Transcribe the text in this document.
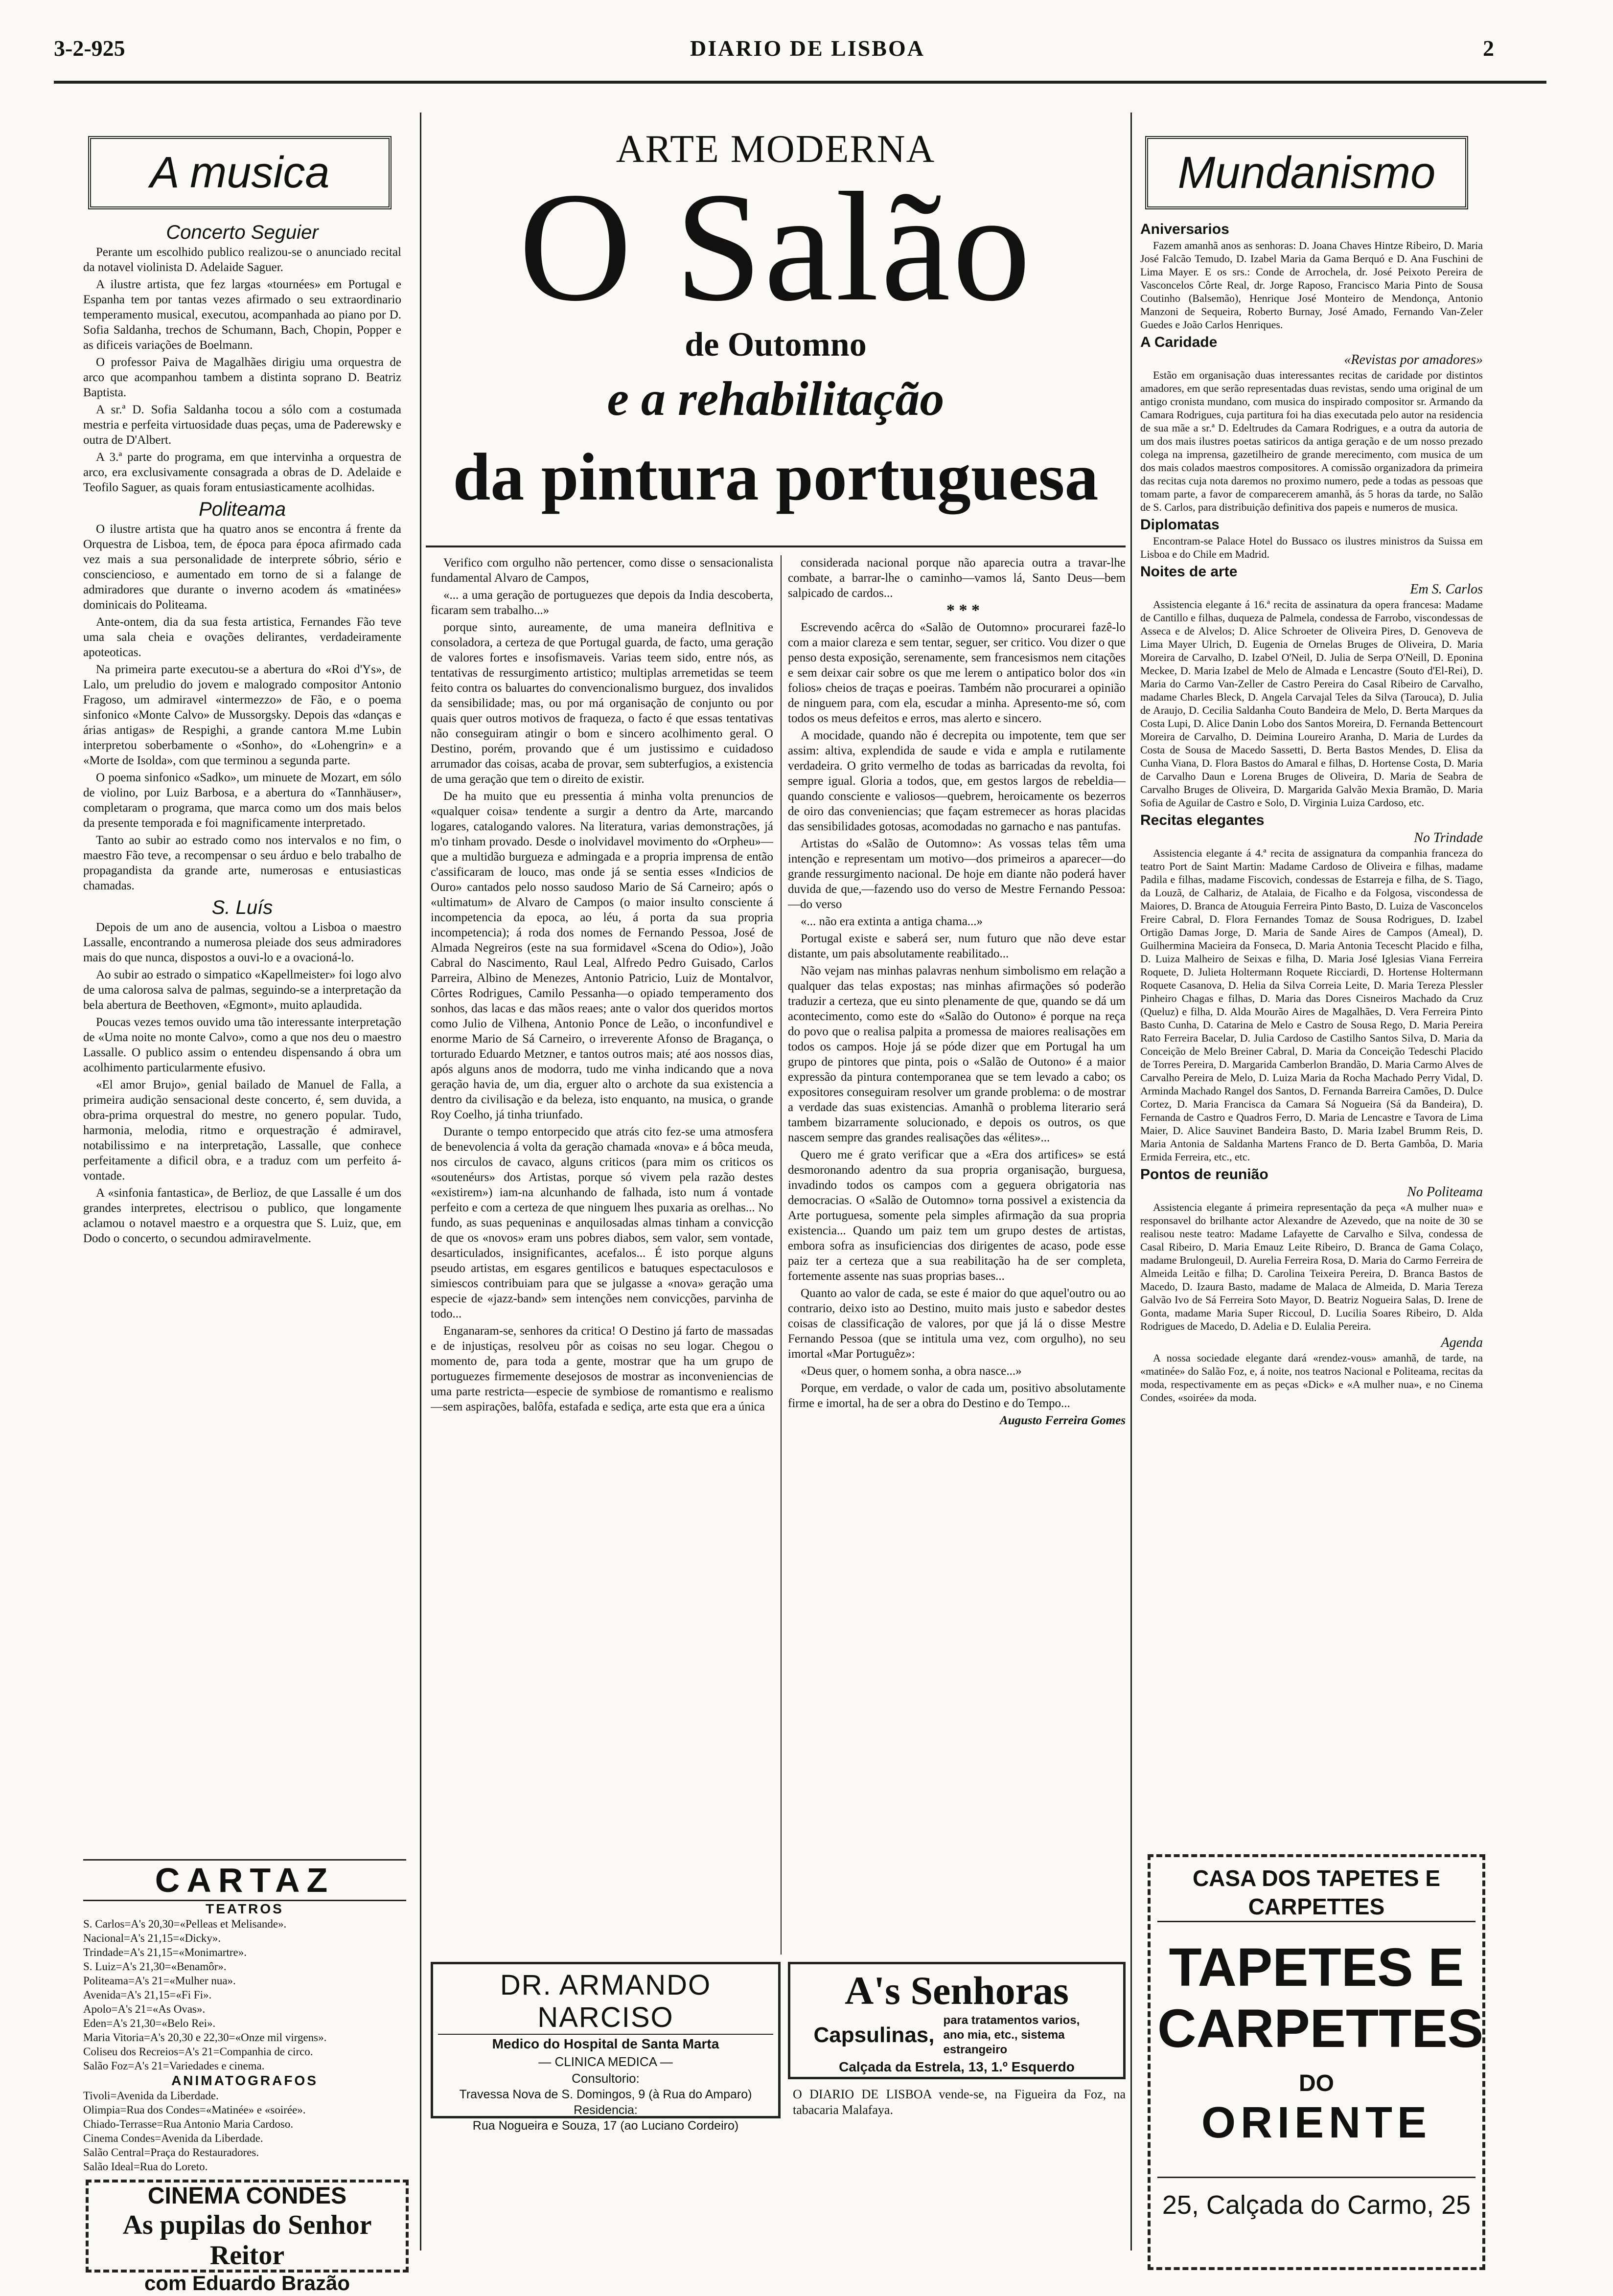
3-2-925	DIARIO DE LISBOA	2
A musica
Concerto Seguier

Perante um escolhido publico realizou-se o anunciado recital da notavel violinista D. Adelaide Saguer.

A ilustre artista, que fez largas «tournées» em Portugal e Espanha tem por tantas vezes afirmado o seu extraordinario temperamento musical, executou, acompanhada ao piano por D. Sofia Saldanha, trechos de Schumann, Bach, Chopin, Popper e as dificeis variações de Boelmann.

O professor Paiva de Magalhães dirigiu uma orquestra de arco que acompanhou tambem a distinta soprano D. Beatriz Baptista.

A sr.ª D. Sofia Saldanha tocou a sólo com a costumada mestria e perfeita virtuosidade duas peças, uma de Paderewsky e outra de D'Albert.

A 3.ª parte do programa, em que intervinha a orquestra de arco, era exclusivamente consagrada a obras de D. Adelaide e Teofilo Saguer, as quais foram entusiasticamente acolhidas.

Politeama

O ilustre artista que ha quatro anos se encontra á frente da Orquestra de Lisboa, tem, de época para época afirmado cada vez mais a sua personalidade de interprete sóbrio, sério e consciencioso, e aumentado em torno de si a falange de admiradores que durante o inverno acodem ás «matinées» dominicais do Politeama.

Ante-ontem, dia da sua festa artistica, Fernandes Fão teve uma sala cheia e ovações delirantes, verdadeiramente apoteoticas.

Na primeira parte executou-se a abertura do «Roi d'Ys», de Lalo, um preludio do jovem e malogrado compositor Antonio Fragoso, um admiravel «intermezzo» de Fão, e o poema sinfonico «Monte Calvo» de Mussorgsky. Depois das «danças e árias antigas» de Respighi, a grande cantora M.me Lubin interpretou soberbamente o «Sonho», do «Lohengrin» e a «Morte de Isolda», com que terminou a segunda parte.

O poema sinfonico «Sadko», um minuete de Mozart, em sólo de violino, por Luiz Barbosa, e a abertura do «Tannhäuser», completaram o programa, que marca como um dos mais belos da presente temporada e foi magnificamente interpretado.

Tanto ao subir ao estrado como nos intervalos e no fim, o maestro Fão teve, a recompensar o seu árduo e belo trabalho de propagandista da grande arte, numerosas e entusiasticas chamadas.

S. Luís

Depois de um ano de ausencia, voltou a Lisboa o maestro Lassalle, encontrando a numerosa pleiade dos seus admiradores mais do que nunca, dispostos a ouvi-lo e a ovacioná-lo.

Ao subir ao estrado o simpatico «Kapellmeister» foi logo alvo de uma calorosa salva de palmas, seguindo-se a interpretação da bela abertura de Beethoven, «Egmont», muito aplaudida.

Poucas vezes temos ouvido uma tão interessante interpretação de «Uma noite no monte Calvo», como a que nos deu o maestro Lassalle. O publico assim o entendeu dispensando á obra um acolhimento particularmente efusivo.

«El amor Brujo», genial bailado de Manuel de Falla, a primeira audição sensacional deste concerto, é, sem duvida, a obra-prima orquestral do mestre, no genero popular. Tudo, harmonia, melodia, ritmo e orquestração é admiravel, notabilissimo e na interpretação, Lassalle, que conhece perfeitamente a dificil obra, e a traduz com um perfeito á-vontade.

A «sinfonia fantastica», de Berlioz, de que Lassalle é um dos grandes interpretes, electrisou o publico, que longamente aclamou o notavel maestro e a orquestra que S. Luiz, que, em Dodo o concerto, o secundou admiravelmente.

CARTAZ
TEATROS
S. Carlos=A's 20,30=«Pelleas et Melisande».
Nacional=A's 21,15=«Dicky».
Trindade=A's 21,15=«Monimartre».
S. Luiz=A's 21,30=«Benamôr».
Politeama=A's 21=«Mulher nua».
Avenida=A's 21,15=«Fi Fi».
Apolo=A's 21=«As Ovas».
Eden=A's 21,30=«Belo Rei».
Maria Vitoria=A's 20,30 e 22,30=«Onze mil virgens».
Coliseu dos Recreios=A's 21=Companhia de circo.
Salão Foz=A's 21=Variedades e cinema.
ANIMATOGRAFOS
Tivoli=Avenida da Liberdade.
Olimpia=Rua dos Condes=«Matinée» e «soirée».
Chiado-Terrasse=Rua Antonio Maria Cardoso.
Cinema Condes=Avenida da Liberdade.
Salão Central=Praça do Restauradores.
Salão Ideal=Rua do Loreto.
CINEMA CONDES
As pupilas do Senhor Reitor
com Eduardo Brazão
ARTE MODERNA
O Salão
de Outomno
e a rehabilitação
da pintura portuguesa

Verifico com orgulho não pertencer, como disse o sensacionalista fundamental Alvaro de Campos,

«... a uma geração de portuguezes que depois da India descoberta, ficaram sem trabalho...»

porque sinto, aureamente, de uma maneira deflnitiva e consoladora, a certeza de que Portugal guarda, de facto, uma geração de valores fortes e insofismaveis. Varias teem sido, entre nós, as tentativas de ressurgimento artistico; multiplas arremetidas se teem feito contra os baluartes do convencionalismo burguez, dos invalidos da sensibilidade; mas, ou por má organisação de conjunto ou por quais quer outros motivos de fraqueza, o facto é que essas tentativas não conseguiram atingir o bom e sincero acolhimento geral. O Destino, porém, provando que é um justissimo e cuidadoso arrumador das coisas, acaba de provar, sem subterfugios, a existencia de uma geração que tem o direito de existir.

De ha muito que eu pressentia á minha volta prenuncios de «qualquer coisa» tendente a surgir a dentro da Arte, marcando logares, catalogando valores. Na literatura, varias demonstrações, já m'o tinham provado. Desde o inolvidavel movimento do «Orpheu»—que a multidão burgueza e admingada e a propria imprensa de então c'assificaram de louco, mas onde já se sentia esses «Indicios de Ouro» cantados pelo nosso saudoso Mario de Sá Carneiro; após o «ultimatum» de Alvaro de Campos (o maior insulto consciente á incompetencia da epoca, ao léu, á porta da sua propria incompetencia); á roda dos nomes de Fernando Pessoa, José de Almada Negreiros (este na sua formidavel «Scena do Odio»), João Cabral do Nascimento, Raul Leal, Alfredo Pedro Guisado, Carlos Parreira, Albino de Menezes, Antonio Patricio, Luiz de Montalvor, Côrtes Rodrigues, Camilo Pessanha—o opiado temperamento dos sonhos, das lacas e das mãos reaes; ante o valor dos queridos mortos como Julio de Vilhena, Antonio Ponce de Leão, o inconfundivel e enorme Mario de Sá Carneiro, o irreverente Afonso de Bragança, o torturado Eduardo Metzner, e tantos outros mais; até aos nossos dias, após alguns anos de modorra, tudo me vinha indicando que a nova geração havia de, um dia, erguer alto o archote da sua existencia a dentro da civilisação e da beleza, isto enquanto, na musica, o grande Roy Coelho, já tinha triunfado.

Durante o tempo entorpecido que atrás cito fez-se uma atmosfera de benevolencia á volta da geração chamada «nova» e á bôca meuda, nos circulos de cavaco, alguns criticos (para mim os criticos os «soutenéurs» dos Artistas, porque só vivem pela razão destes «existirem») iam-na alcunhando de falhada, isto num á vontade perfeito e com a certeza de que ninguem lhes puxaria as orelhas... No fundo, as suas pequeninas e anquilosadas almas tinham a convicção de que os «novos» eram uns pobres diabos, sem valor, sem vontade, desarticulados, insignificantes, acefalos... É isto porque alguns pseudo artistas, em esgares gentilicos e batuques espectaculosos e simiescos contribuiam para que se julgasse a «nova» geração uma especie de «jazz-band» sem intenções nem convicções, parvinha de todo...

Enganaram-se, senhores da critica! O Destino já farto de massadas e de injustiças, resolveu pôr as coisas no seu logar. Chegou o momento de, para toda a gente, mostrar que ha um grupo de portuguezes firmemente desejosos de mostrar as inconveniencias de uma parte restricta—especie de symbiose de romantismo e realismo—sem aspirações, balôfa, estafada e sediça, arte esta que era a única

considerada nacional porque não aparecia outra a travar-lhe combate, a barrar-lhe o caminho—vamos lá, Santo Deus—bem salpicado de cardos...

* * *

Escrevendo acêrca do «Salão de Outomno» procurarei fazê-lo com a maior clareza e sem tentar, seguer, ser critico. Vou dizer o que penso desta exposição, serenamente, sem francesismos nem citações e sem deixar cair sobre os que me lerem o antipatico bolor dos «in folios» cheios de traças e poeiras. Também não procurarei a opinião de ninguem para, com ela, escudar a minha. Apresento-me só, com todos os meus defeitos e erros, mas alerto e sincero.

A mocidade, quando não é decrepita ou impotente, tem que ser assim: altiva, explendida de saude e vida e ampla e rutilamente verdadeira. O grito vermelho de todas as barricadas da revolta, foi sempre igual. Gloria a todos, que, em gestos largos de rebeldia—quando consciente e valiosos—quebrem, heroicamente os bezerros de oiro das conveniencias; que façam estremecer as horas placidas das sensibilidades gotosas, acomodadas no garnacho e nas pantufas.

Artistas do «Salão de Outomno»: As vossas telas têm uma intenção e representam um motivo—dos primeiros a aparecer—do grande ressurgimento nacional. De hoje em diante não poderá haver duvida de que,—fazendo uso do verso de Mestre Fernando Pessoa:—do verso

«... não era extinta a antiga chama...»

Portugal existe e saberá ser, num futuro que não deve estar distante, um pais absolutamente reabilitado...

Não vejam nas minhas palavras nenhum simbolismo em relação a qualquer das telas expostas; nas minhas afirmações só poderão traduzir a certeza, que eu sinto plenamente de que, quando se dá um acontecimento, como este do «Salão do Outono» é porque na reça do povo que o realisa palpita a promessa de maiores realisações em todos os campos. Hoje já se póde dizer que em Portugal ha um grupo de pintores que pinta, pois o «Salão de Outono» é a maior expressão da pintura contemporanea que se tem levado a cabo; os expositores conseguiram resolver um grande problema: o de mostrar a verdade das suas existencias. Amanhã o problema literario será tambem bizarramente solucionado, e depois os outros, os que nascem sempre das grandes realisações das «élites»...

Quero me é grato verificar que a «Era dos artifices» se está desmoronando adentro da sua propria organisação, burguesa, invadindo todos os campos com a geguera obrigatoria nas democracias. O «Salão de Outomno» torna possivel a existencia da Arte portuguesa, somente pela simples afirmação da sua propria existencia... Quando um paiz tem um grupo destes de artistas, embora sofra as insuficiencias dos dirigentes de acaso, pode esse paiz ter a certeza que a sua reabilitação ha de ser completa, fortemente assente nas suas proprias bases...

Quanto ao valor de cada, se este é maior do que aquel'outro ou ao contrario, deixo isto ao Destino, muito mais justo e sabedor destes coisas de classificação de valores, por que já lá o disse Mestre Fernando Pessoa (que se intitula uma vez, com orgulho), no seu imortal «Mar Portuguêz»:

«Deus quer, o homem sonha, a obra nasce...»

Porque, em verdade, o valor de cada um, positivo absolutamente firme e imortal, ha de ser a obra do Destino e do Tempo...

Augusto Ferreira Gomes

DR. ARMANDO NARCISO
Medico do Hospital de Santa Marta
— CLINICA MEDICA —
Consultorio:
Travessa Nova de S. Domingos, 9 (à Rua do Amparo)
Residencia:
Rua Nogueira e Souza, 17 (ao Luciano Cordeiro)
A's Senhoras
Capsulinas,
para tratamentos varios, ano mia, etc., sistema estrangeiro
Calçada da Estrela, 13, 1.º Esquerdo
O DIARIO DE LISBOA vende-se, na Figueira da Foz, na tabacaria Malafaya.
Mundanismo
Aniversarios

Fazem amanhã anos as senhoras: D. Joana Chaves Hintze Ribeiro, D. Maria José Falcão Temudo, D. Izabel Maria da Gama Berquó e D. Ana Fuschini de Lima Mayer. E os srs.: Conde de Arrochela, dr. José Peixoto Pereira de Vasconcelos Côrte Real, dr. Jorge Raposo, Francisco Maria Pinto de Sousa Coutinho (Balsemão), Henrique José Monteiro de Mendonça, Antonio Manzoni de Sequeira, Roberto Burnay, José Amado, Fernando Van-Zeler Guedes e João Carlos Henriques.

A Caridade
«Revistas por amadores»

Estão em organisação duas interessantes recitas de caridade por distintos amadores, em que serão representadas duas revistas, sendo uma original de um antigo cronista mundano, com musica do inspirado compositor sr. Armando da Camara Rodrigues, cuja partitura foi ha dias executada pelo autor na residencia de sua mãe a sr.ª D. Edeltrudes da Camara Rodrigues, e a outra da autoria de um dos mais ilustres poetas satiricos da antiga geração e de um nosso prezado colega na imprensa, gazetilheiro de grande merecimento, com musica de um dos mais colados maestros compositores. A comissão organizadora da primeira das recitas cuja nota daremos no proximo numero, pede a todas as pessoas que tomam parte, a favor de comparecerem amanhã, ás 5 horas da tarde, no Salão de S. Carlos, para distribuição definitiva dos papeis e numeros de musica.

Diplomatas

Encontram-se Palace Hotel do Bussaco os ilustres ministros da Suissa em Lisboa e do Chile em Madrid.

Noites de arte
Em S. Carlos

Assistencia elegante á 16.ª recita de assinatura da opera francesa: Madame de Cantillo e filhas, duqueza de Palmela, condessa de Farrobo, viscondessas de Asseca e de Alvelos; D. Alice Schroeter de Oliveira Pires, D. Genoveva de Lima Mayer Ulrich, D. Eugenia de Ornelas Bruges de Oliveira, D. Maria Moreira de Carvalho, D. Izabel O'Neil, D. Julia de Serpa O'Neill, D. Eponina Meckee, D. Maria Izabel de Melo de Almada e Lencastre (Souto d'El-Rei), D. Maria do Carmo Van-Zeller de Castro Pereira do Casal Ribeiro de Carvalho, madame Charles Bleck, D. Angela Carvajal Teles da Silva (Tarouca), D. Julia de Araujo, D. Cecilia Saldanha Couto Bandeira de Melo, D. Berta Marques da Costa Lupi, D. Alice Danin Lobo dos Santos Moreira, D. Fernanda Bettencourt Moreira de Carvalho, D. Deimina Loureiro Aranha, D. Maria de Lurdes da Costa de Sousa de Macedo Sassetti, D. Berta Bastos Mendes, D. Elisa da Cunha Viana, D. Flora Bastos do Amaral e filhas, D. Hortense Costa, D. Maria de Carvalho Daun e Lorena Bruges de Oliveira, D. Maria de Seabra de Carvalho Bruges de Oliveira, D. Margarida Galvão Mexia Bramão, D. Maria Sofia de Aguilar de Castro e Solo, D. Virginia Luiza Cardoso, etc.

Recitas elegantes
No Trindade

Assistencia elegante á 4.ª recita de assignatura da companhia franceza do teatro Port de Saint Martin: Madame Cardoso de Oliveira e filhas, madame Padila e filhas, madame Fiscovich, condessas de Estarreja e filha, de S. Tiago, da Louzã, de Calhariz, de Atalaia, de Ficalho e da Folgosa, viscondessa de Maiores, D. Branca de Atouguia Ferreira Pinto Basto, D. Luiza de Vasconcelos Freire Cabral, D. Flora Fernandes Tomaz de Sousa Rodrigues, D. Izabel Ortigão Damas Jorge, D. Maria de Sande Aires de Campos (Ameal), D. Guilhermina Macieira da Fonseca, D. Maria Antonia Tecescht Placido e filha, D. Luiza Malheiro de Seixas e filha, D. Maria José Iglesias Viana Ferreira Roquete, D. Julieta Holtermann Roquete Ricciardi, D. Hortense Holtermann Roquete Casanova, D. Helia da Silva Correia Leite, D. Maria Tereza Plessler Pinheiro Chagas e filhas, D. Maria das Dores Cisneiros Machado da Cruz (Queluz) e filha, D. Alda Mourão Aires de Magalhães, D. Vera Ferreira Pinto Basto Cunha, D. Catarina de Melo e Castro de Sousa Rego, D. Maria Pereira Rato Ferreira Bacelar, D. Julia Cardoso de Castilho Santos Silva, D. Maria da Conceição de Melo Breiner Cabral, D. Maria da Conceição Tedeschi Placido de Torres Pereira, D. Margarida Camberlon Brandão, D. Maria Carmo Alves de Carvalho Pereira de Melo, D. Luiza Maria da Rocha Machado Perry Vidal, D. Arminda Machado Rangel dos Santos, D. Fernanda Barreira Camões, D. Dulce Cortez, D. Maria Francisca da Camara Sá Nogueira (Sá da Bandeira), D. Fernanda de Castro e Quadros Ferro, D. Maria de Lencastre e Tavora de Lima Maier, D. Alice Sauvinet Bandeira Basto, D. Maria Izabel Brumm Reis, D. Maria Antonia de Saldanha Martens Franco de D. Berta Gambôa, D. Maria Ermida Ferreira, etc., etc.

Pontos de reunião
No Politeama

Assistencia elegante á primeira representação da peça «A mulher nua» e responsavel do brilhante actor Alexandre de Azevedo, que na noite de 30 se realisou neste teatro: Madame Lafayette de Carvalho e Silva, condessa de Casal Ribeiro, D. Maria Emauz Leite Ribeiro, D. Branca de Gama Colaço, madame Brulongeuil, D. Aurelia Ferreira Rosa, D. Maria do Carmo Ferreira de Almeida Leitão e filha; D. Carolina Teixeira Pereira, D. Branca Bastos de Macedo, D. Izaura Basto, madame de Malaca de Almeida, D. Maria Tereza Galvão Ivo de Sá Ferreira Soto Mayor, D. Beatriz Nogueira Salas, D. Irene de Gonta, madame Maria Super Riccoul, D. Lucilia Soares Ribeiro, D. Alda Rodrigues de Macedo, D. Adelia e D. Eulalia Pereira.

Agenda

A nossa sociedade elegante dará «rendez-vous» amanhã, de tarde, na «matinée» do Salão Foz, e, á noite, nos teatros Nacional e Politeama, recitas da moda, respectivamente em as peças «Dick» e «A mulher nua», e no Cinema Condes, «soirée» da moda.

CASA DOS TAPETES E CARPETTES
TAPETES E CARPETTES
DO
ORIENTE
25, Calçada do Carmo, 25
